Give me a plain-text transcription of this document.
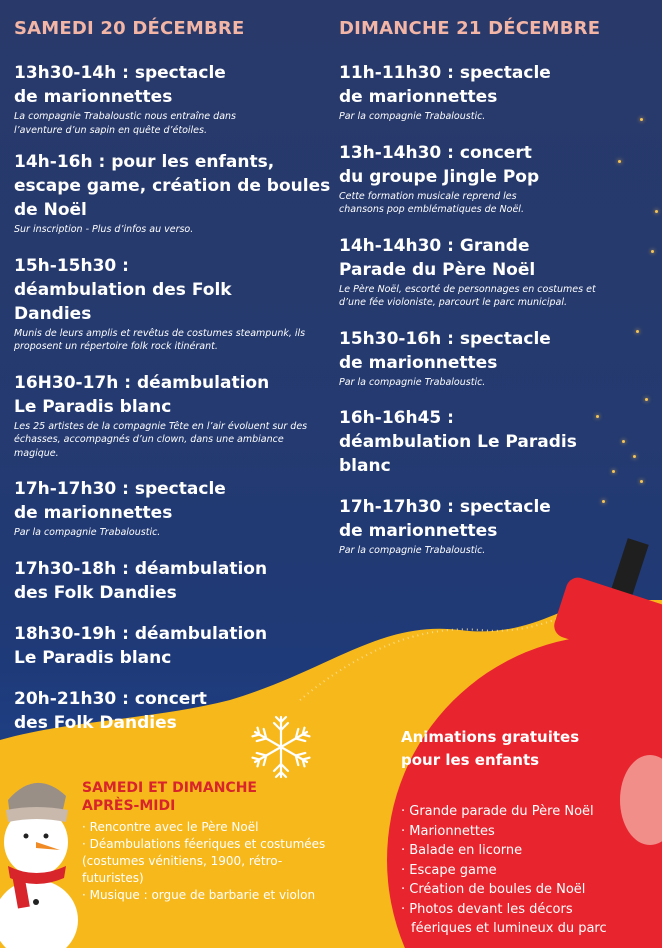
SAMEDI 20 DÉCEMBRE
13h30-14h : spectacle de marionnettes
La compagnie Trabaloustic nous entraîne dans l’aventure d’un sapin en quête d’étoiles.
14h-16h : pour les enfants, escape game, création de boules de Noël
Sur inscription - Plus d’infos au verso.
15h-15h30 : déambulation des Folk Dandies
Munis de leurs amplis et revêtus de costumes steampunk, ils proposent un répertoire folk rock itinérant.
16H30-17h : déambulation Le Paradis blanc
Les 25 artistes de la compagnie Tête en l’air évoluent sur des échasses, accompagnés d’un clown, dans une ambiance magique.
17h-17h30 : spectacle de marionnettes
Par la compagnie Trabaloustic.
17h30-18h : déambulation des Folk Dandies
18h30-19h : déambulation Le Paradis blanc
20h-21h30 : concert des Folk Dandies
DIMANCHE 21 DÉCEMBRE
11h-11h30 : spectacle de marionnettes
Par la compagnie Trabaloustic.
13h-14h30 : concert du groupe Jingle Pop
Cette formation musicale reprend les chansons pop emblématiques de Noël.
14h-14h30 : Grande Parade du Père Noël
Le Père Noël, escorté de personnages en costumes et d’une fée violoniste, parcourt le parc municipal.
15h30-16h : spectacle de marionnettes
Par la compagnie Trabaloustic.
16h-16h45 : déambulation Le Paradis blanc
17h-17h30 : spectacle de marionnettes
Par la compagnie Trabaloustic.
SAMEDI ET DIMANCHE APRÈS-MIDI
· Rencontre avec le Père Noël
· Déambulations féeriques et costumées (costumes vénitiens, 1900, rétro-futuristes)
· Musique : orgue de barbarie et violon
Animations gratuites pour les enfants
· Grande parade du Père Noël
· Marionnettes
· Balade en licorne
· Escape game
· Création de boules de Noël
· Photos devant les décors féeriques et lumineux du parc
